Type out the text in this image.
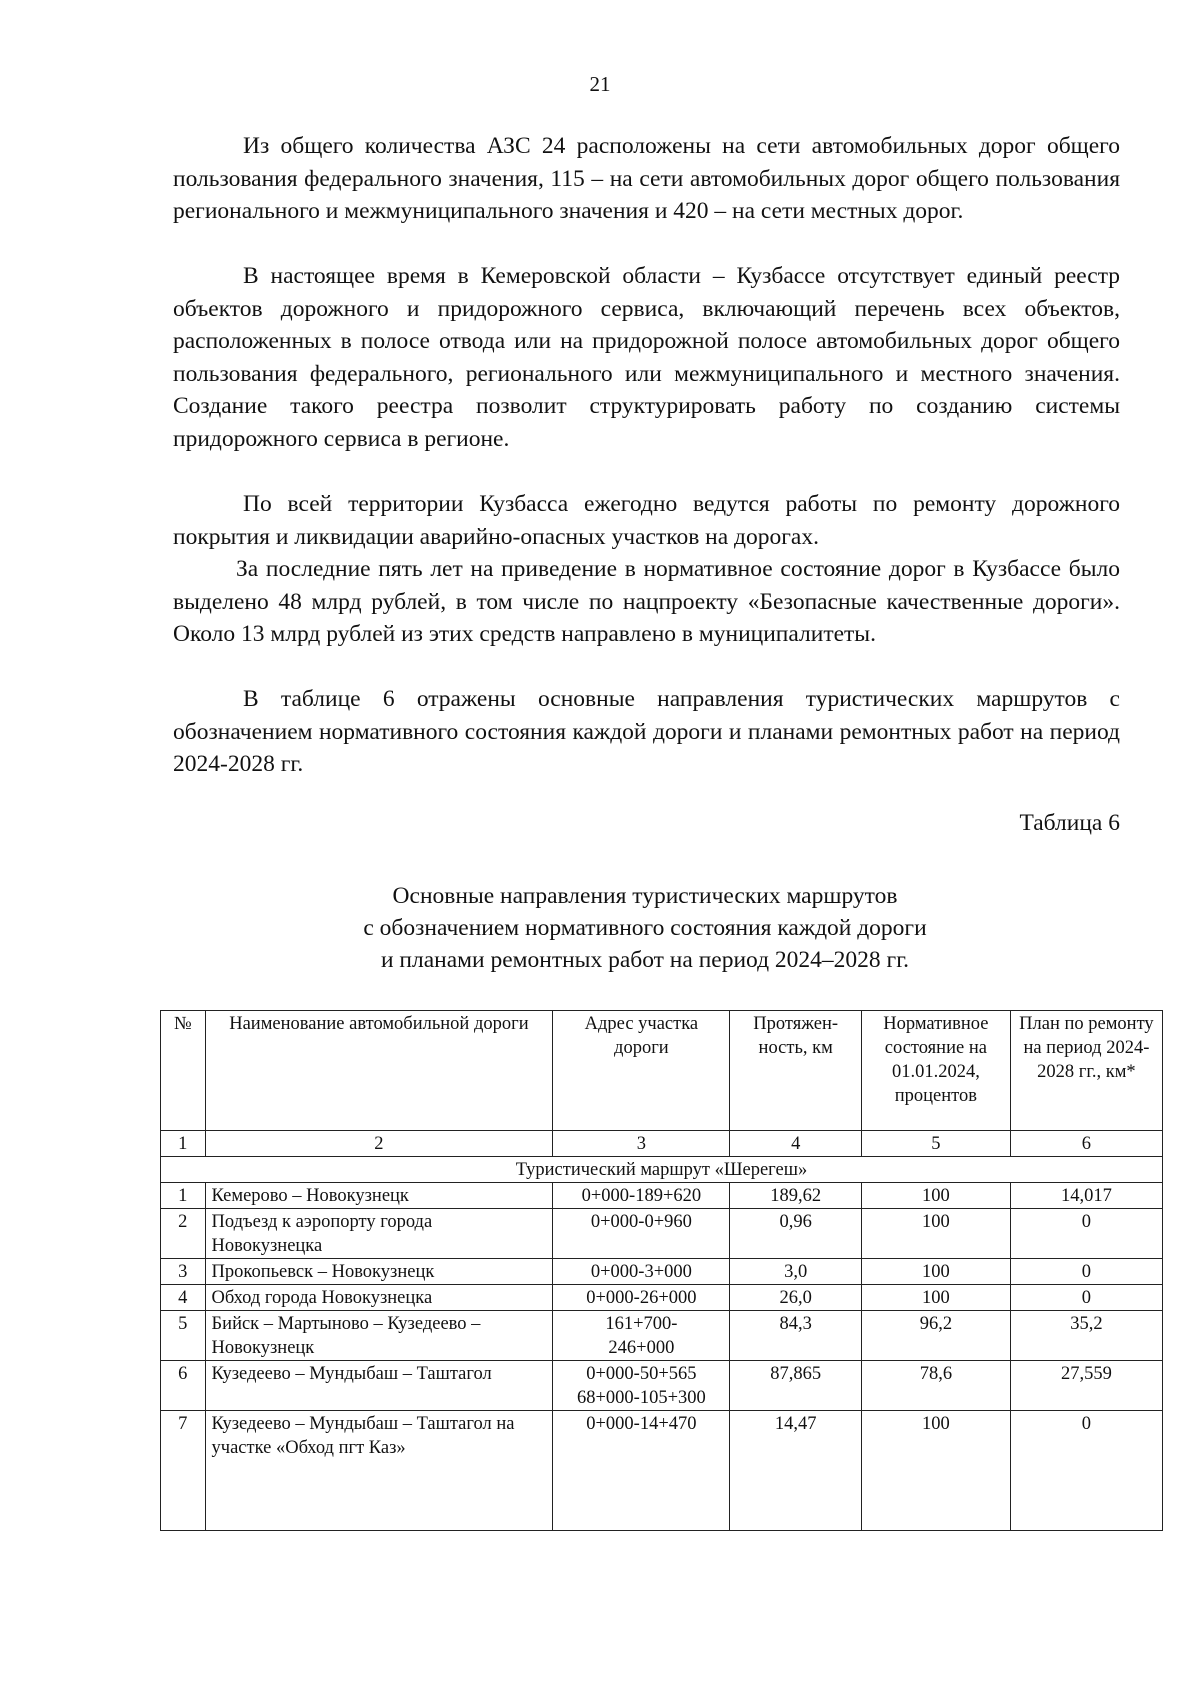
21

Из общего количества АЗС 24 расположены на сети автомобильных дорог общего пользования федерального значения, 115 – на сети автомобильных дорог общего пользования регионального и межмуниципального значения и 420 – на сети местных дорог.

В настоящее время в Кемеровской области – Кузбассе отсутствует единый реестр объектов дорожного и придорожного сервиса, включающий перечень всех объектов, расположенных в полосе отвода или на придорожной полосе автомобильных дорог общего пользования федерального, регионального или межмуниципального и местного значения. Создание такого реестра позволит структурировать работу по созданию системы придорожного сервиса в регионе.

По всей территории Кузбасса ежегодно ведутся работы по ремонту дорожного покрытия и ликвидации аварийно-опасных участков на дорогах.

За последние пять лет на приведение в нормативное состояние дорог в Кузбассе было выделено 48 млрд рублей, в том числе по нацпроекту «Безопасные качественные дороги». Около 13 млрд рублей из этих средств направлено в муниципалитеты.

В таблице 6 отражены основные направления туристических маршрутов с обозначением нормативного состояния каждой дороги и планами ремонтных работ на период 2024-2028 гг.

Таблица 6

Основные направления туристических маршрутов
с обозначением нормативного состояния каждой дороги
и планами ремонтных работ на период 2024–2028 гг.

№	Наименование автомобильной дороги	Адрес участка дороги	Протяжен-ность, км	Нормативное состояние на 01.01.2024, процентов	План по ремонту на период 2024-2028 гг., км*
1	2	3	4	5	6
Туристический маршрут «Шерегеш»					
1	Кемерово – Новокузнецк	0+000-189+620	189,62	100	14,017
2	Подъезд к аэропорту города Новокузнецка	0+000-0+960	0,96	100	0
3	Прокопьевск – Новокузнецк	0+000-3+000	3,0	100	0
4	Обход города Новокузнецка	0+000-26+000	26,0	100	0
5	Бийск – Мартыново – Кузедеево – Новокузнецк	161+700-246+000	84,3	96,2	35,2
6	Кузедеево – Мундыбаш – Таштагол	0+000-50+565 68+000-105+300	87,865	78,6	27,559
7	Кузедеево – Мундыбаш – Таштагол на участке «Обход пгт Каз»	0+000-14+470	14,47	100	0
